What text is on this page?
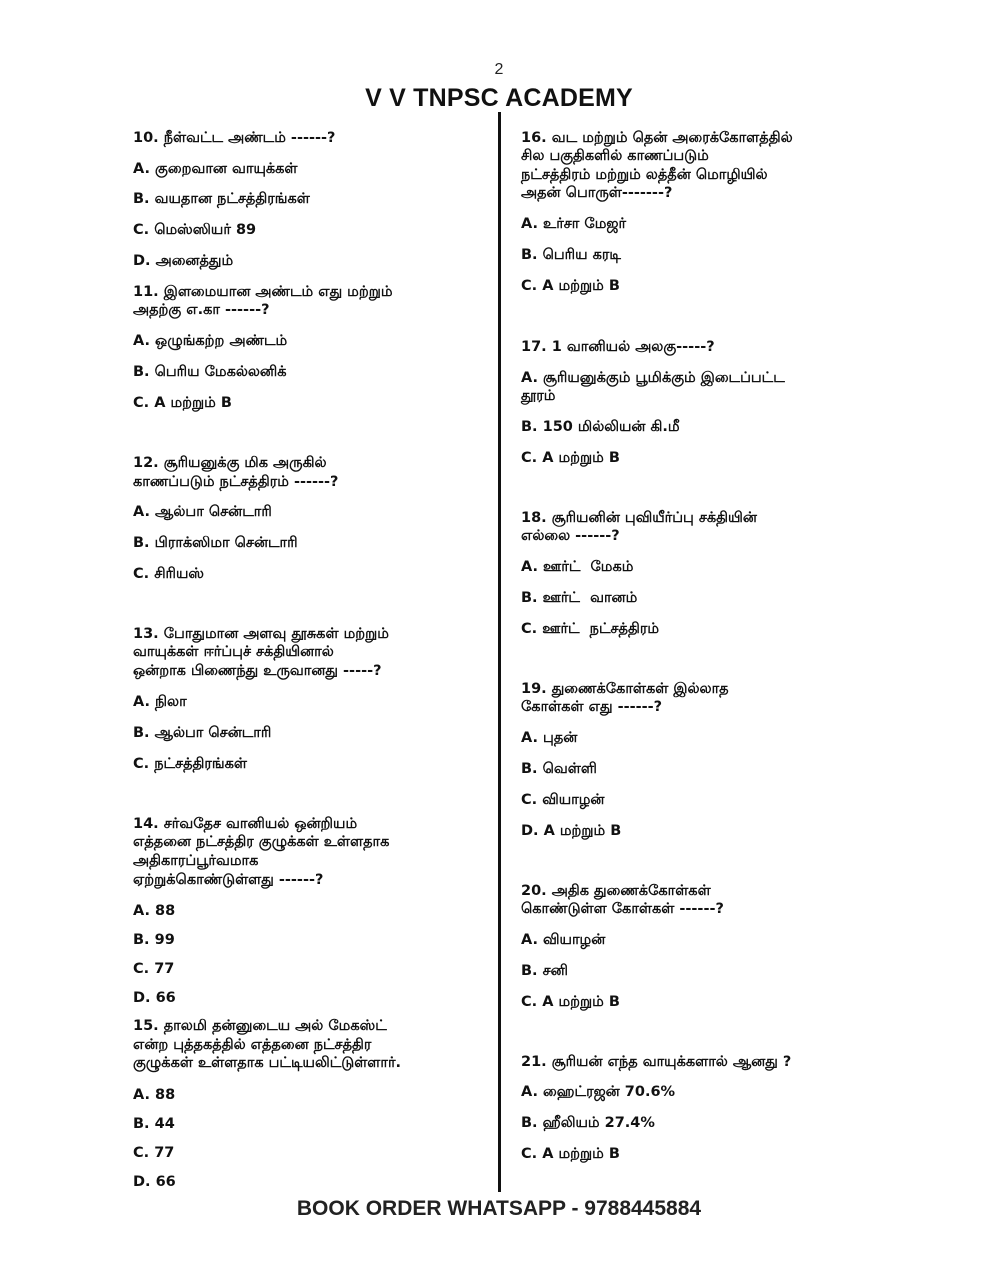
2
V V TNPSC ACADEMY
10. நீள்வட்ட அண்டம் ------?
A. குறைவான வாயுக்கள்
B. வயதான நட்சத்திரங்கள்
C. மெஸ்ஸியர் 89
D. அனைத்தும்
11. இளமையான அண்டம் எது மற்றும்
அதற்கு எ.கா ------?
A. ஒழுங்கற்ற அண்டம்
B. பெரிய மேகல்லனிக்
C. A மற்றும் B
12. சூரியனுக்கு மிக அருகில்
காணப்படும் நட்சத்திரம் ------?
A. ஆல்பா சென்டாரி
B. பிராக்ஸிமா சென்டாரி
C. சிரியஸ்
13. போதுமான அளவு தூசுகள் மற்றும்
வாயுக்கள் ஈர்ப்புச் சக்தியினால்
ஒன்றாக பிணைந்து உருவானது -----?
A. நிலா
B. ஆல்பா சென்டாரி
C. நட்சத்திரங்கள்
14. சர்வதேச வானியல் ஒன்றியம்
எத்தனை நட்சத்திர குழுக்கள் உள்ளதாக
அதிகாரப்பூர்வமாக
ஏற்றுக்கொண்டுள்ளது ------?
A. 88
B. 99
C. 77
D. 66
15. தாலமி தன்னுடைய அல் மேகஸ்ட்
என்ற புத்தகத்தில் எத்தனை நட்சத்திர
குழுக்கள் உள்ளதாக பட்டியலிட்டுள்ளார்.
A. 88
B. 44
C. 77
D. 66
16. வட மற்றும் தென் அரைக்கோளத்தில்
சில பகுதிகளில் காணப்படும்
நட்சத்திரம் மற்றும் லத்தீன் மொழியில்
அதன் பொருள்-------?
A. உர்சா மேஜர்
B. பெரிய கரடி
C. A மற்றும் B
17. 1 வானியல் அலகு-----?
A. சூரியனுக்கும் பூமிக்கும் இடைப்பட்ட
தூரம்
B. 150 மில்லியன் கி.மீ
C. A மற்றும் B
18. சூரியனின் புவியீர்ப்பு சக்தியின்
எல்லை ------?
A. ஊர்ட்  மேகம்
B. ஊர்ட்  வானம்
C. ஊர்ட்  நட்சத்திரம்
19. துணைக்கோள்கள் இல்லாத
கோள்கள் எது ------?
A. புதன்
B. வெள்ளி
C. வியாழன்
D. A மற்றும் B
20. அதிக துணைக்கோள்கள்
கொண்டுள்ள கோள்கள் ------?
A. வியாழன்
B. சனி
C. A மற்றும் B
21. சூரியன் எந்த வாயுக்களால் ஆனது ?
A. ஹைட்ரஜன் 70.6%
B. ஹீலியம் 27.4%
C. A மற்றும் B
BOOK ORDER WHATSAPP - 9788445884
